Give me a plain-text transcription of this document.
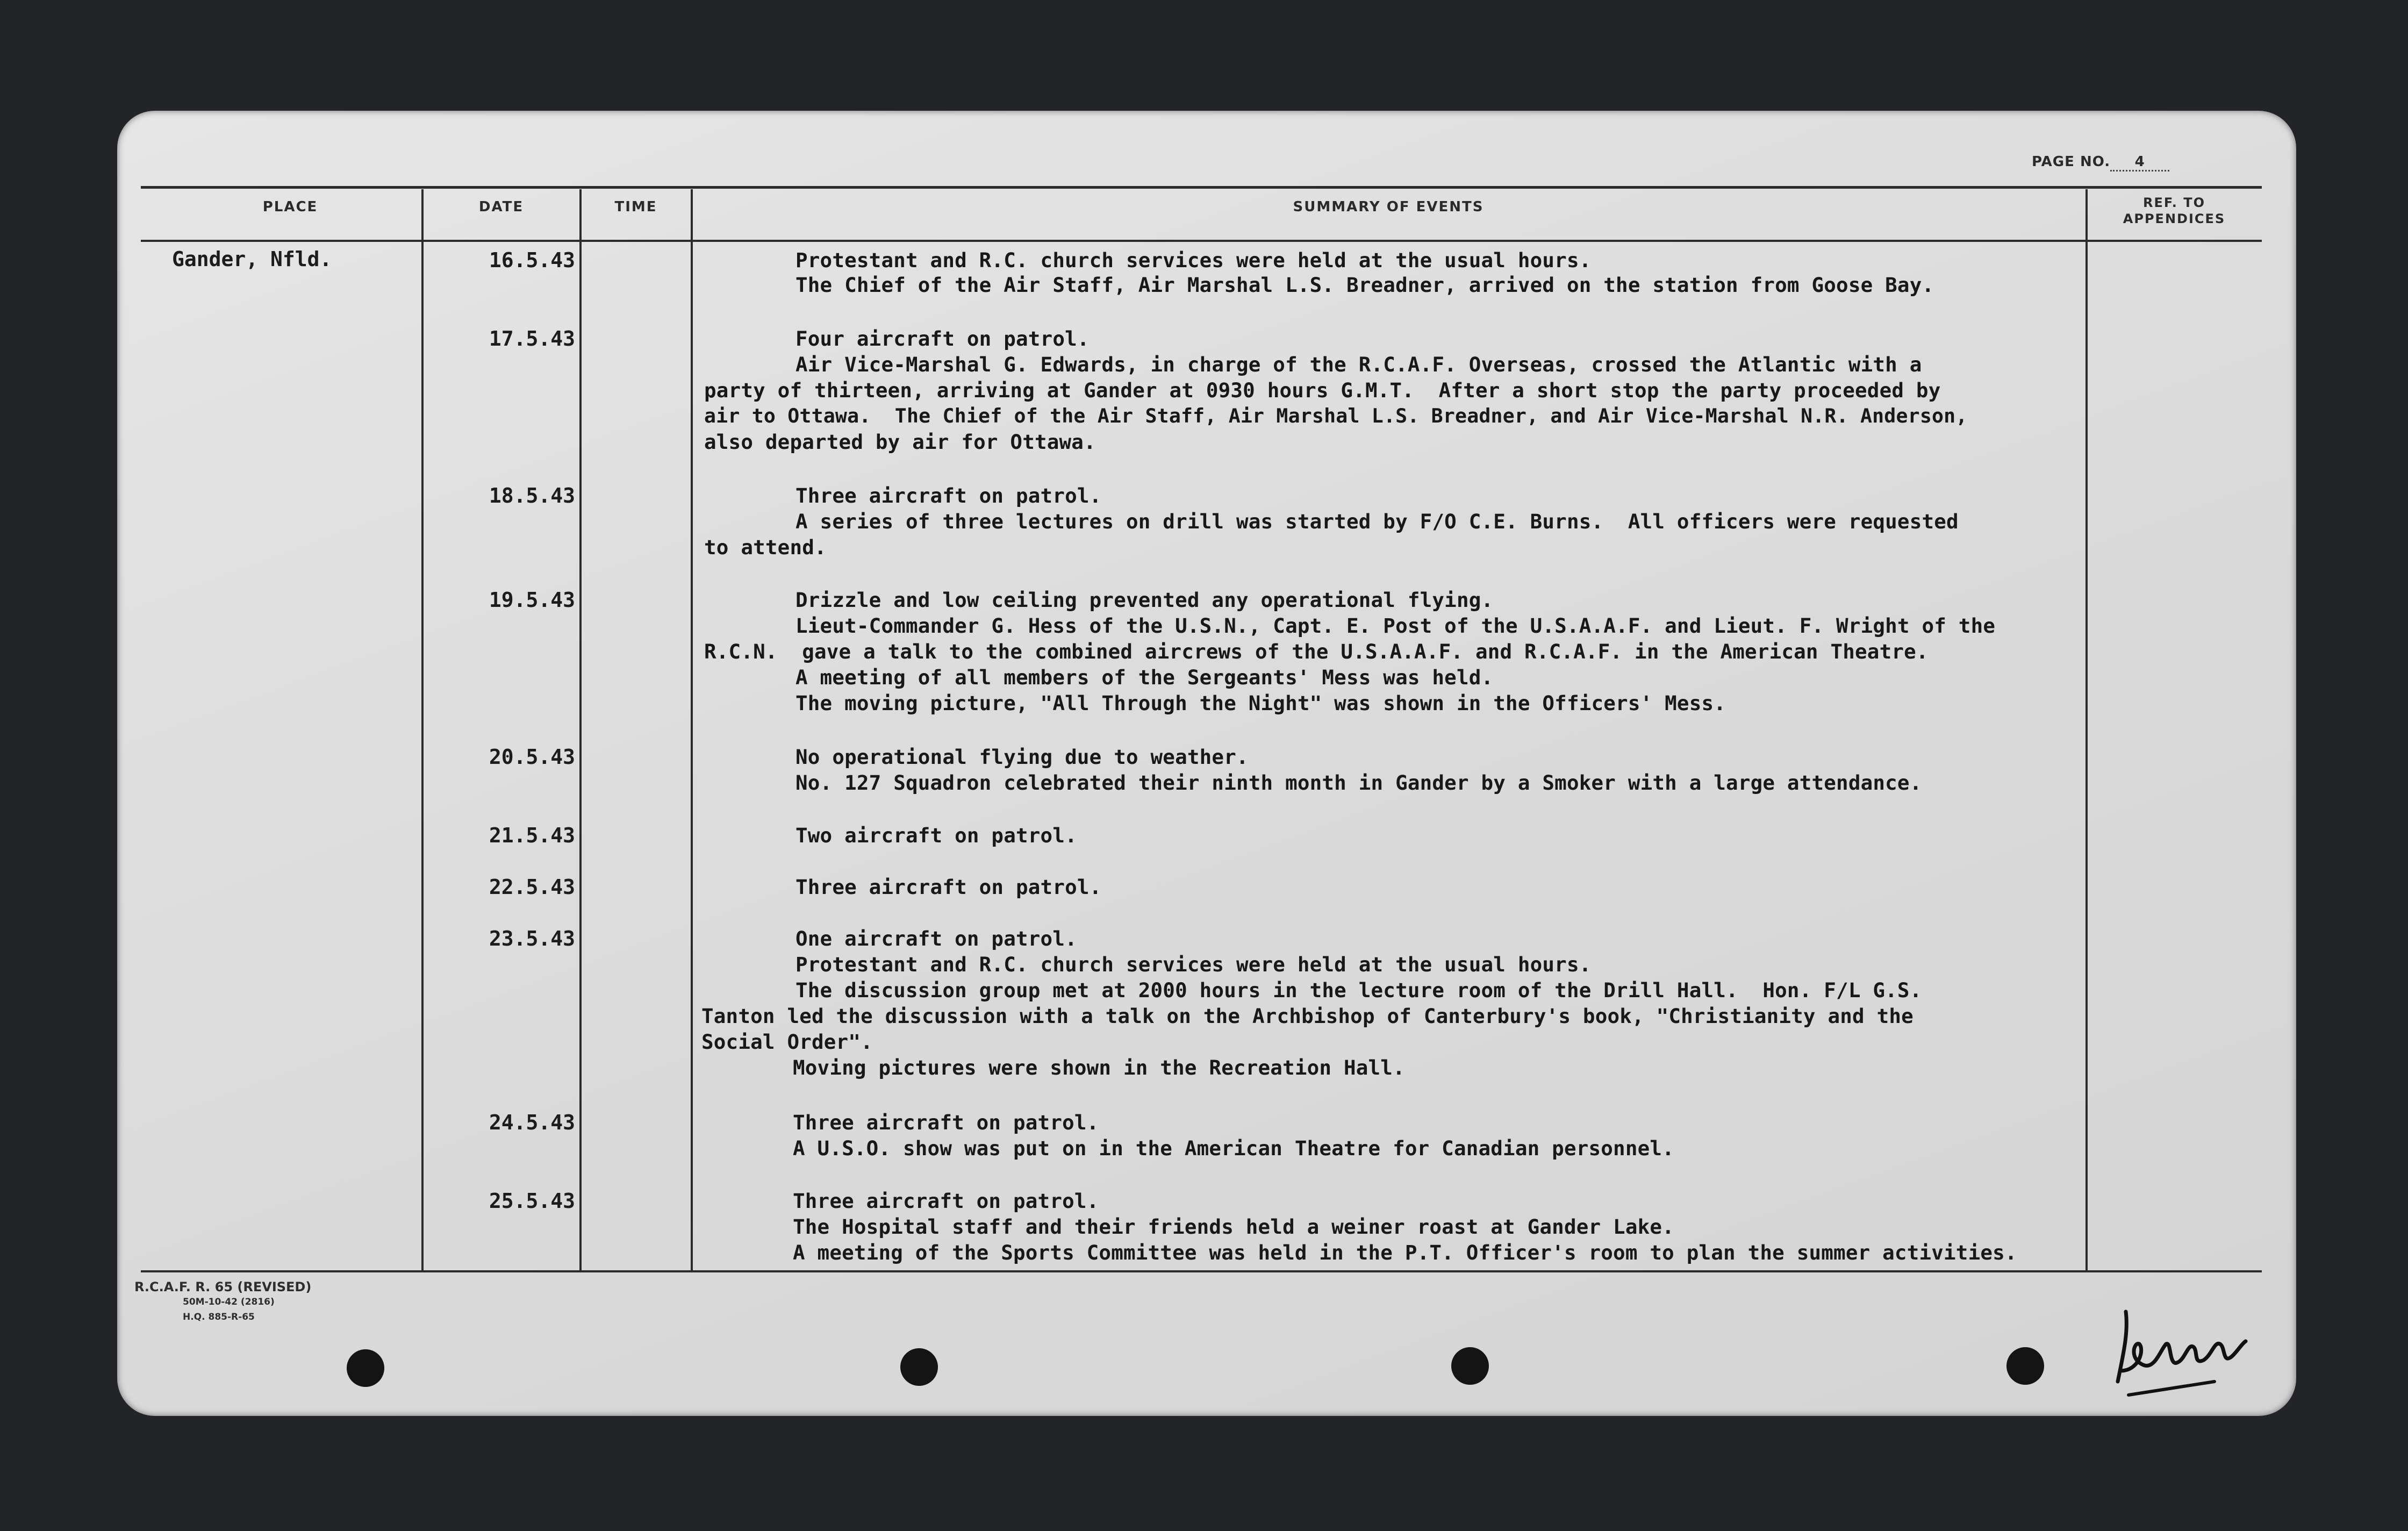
PAGE NO. 4
PLACE	DATE	TIME	SUMMARY OF EVENTS	REF. TO
APPENDICES
Gander, Nfld.	16.5.43	Protestant and R.C. church services were held at the usual hours.
The Chief of the Air Staff, Air Marshal L.S. Breadner, arrived on the station from Goose Bay.
17.5.43	Four aircraft on patrol.
Air Vice-Marshal G. Edwards, in charge of the R.C.A.F. Overseas, crossed the Atlantic with a
party of thirteen, arriving at Gander at 0930 hours G.M.T.  After a short stop the party proceeded by
air to Ottawa.  The Chief of the Air Staff, Air Marshal L.S. Breadner, and Air Vice-Marshal N.R. Anderson,
also departed by air for Ottawa.
18.5.43	Three aircraft on patrol.
A series of three lectures on drill was started by F/O C.E. Burns.  All officers were requested
to attend.
19.5.43	Drizzle and low ceiling prevented any operational flying.
Lieut-Commander G. Hess of the U.S.N., Capt. E. Post of the U.S.A.A.F. and Lieut. F. Wright of the
R.C.N.  gave a talk to the combined aircrews of the U.S.A.A.F. and R.C.A.F. in the American Theatre.
A meeting of all members of the Sergeants' Mess was held.
The moving picture, "All Through the Night" was shown in the Officers' Mess.
20.5.43	No operational flying due to weather.
No. 127 Squadron celebrated their ninth month in Gander by a Smoker with a large attendance.
21.5.43	Two aircraft on patrol.
22.5.43	Three aircraft on patrol.
23.5.43	One aircraft on patrol.
Protestant and R.C. church services were held at the usual hours.
The discussion group met at 2000 hours in the lecture room of the Drill Hall.  Hon. F/L G.S.
Tanton led the discussion with a talk on the Archbishop of Canterbury's book, "Christianity and the
Social Order".
Moving pictures were shown in the Recreation Hall.
24.5.43	Three aircraft on patrol.
A U.S.O. show was put on in the American Theatre for Canadian personnel.
25.5.43	Three aircraft on patrol.
The Hospital staff and their friends held a weiner roast at Gander Lake.
A meeting of the Sports Committee was held in the P.T. Officer's room to plan the summer activities.
R.C.A.F. R. 65 (REVISED)
50M-10-42 (2816)
H.Q. 885-R-65
